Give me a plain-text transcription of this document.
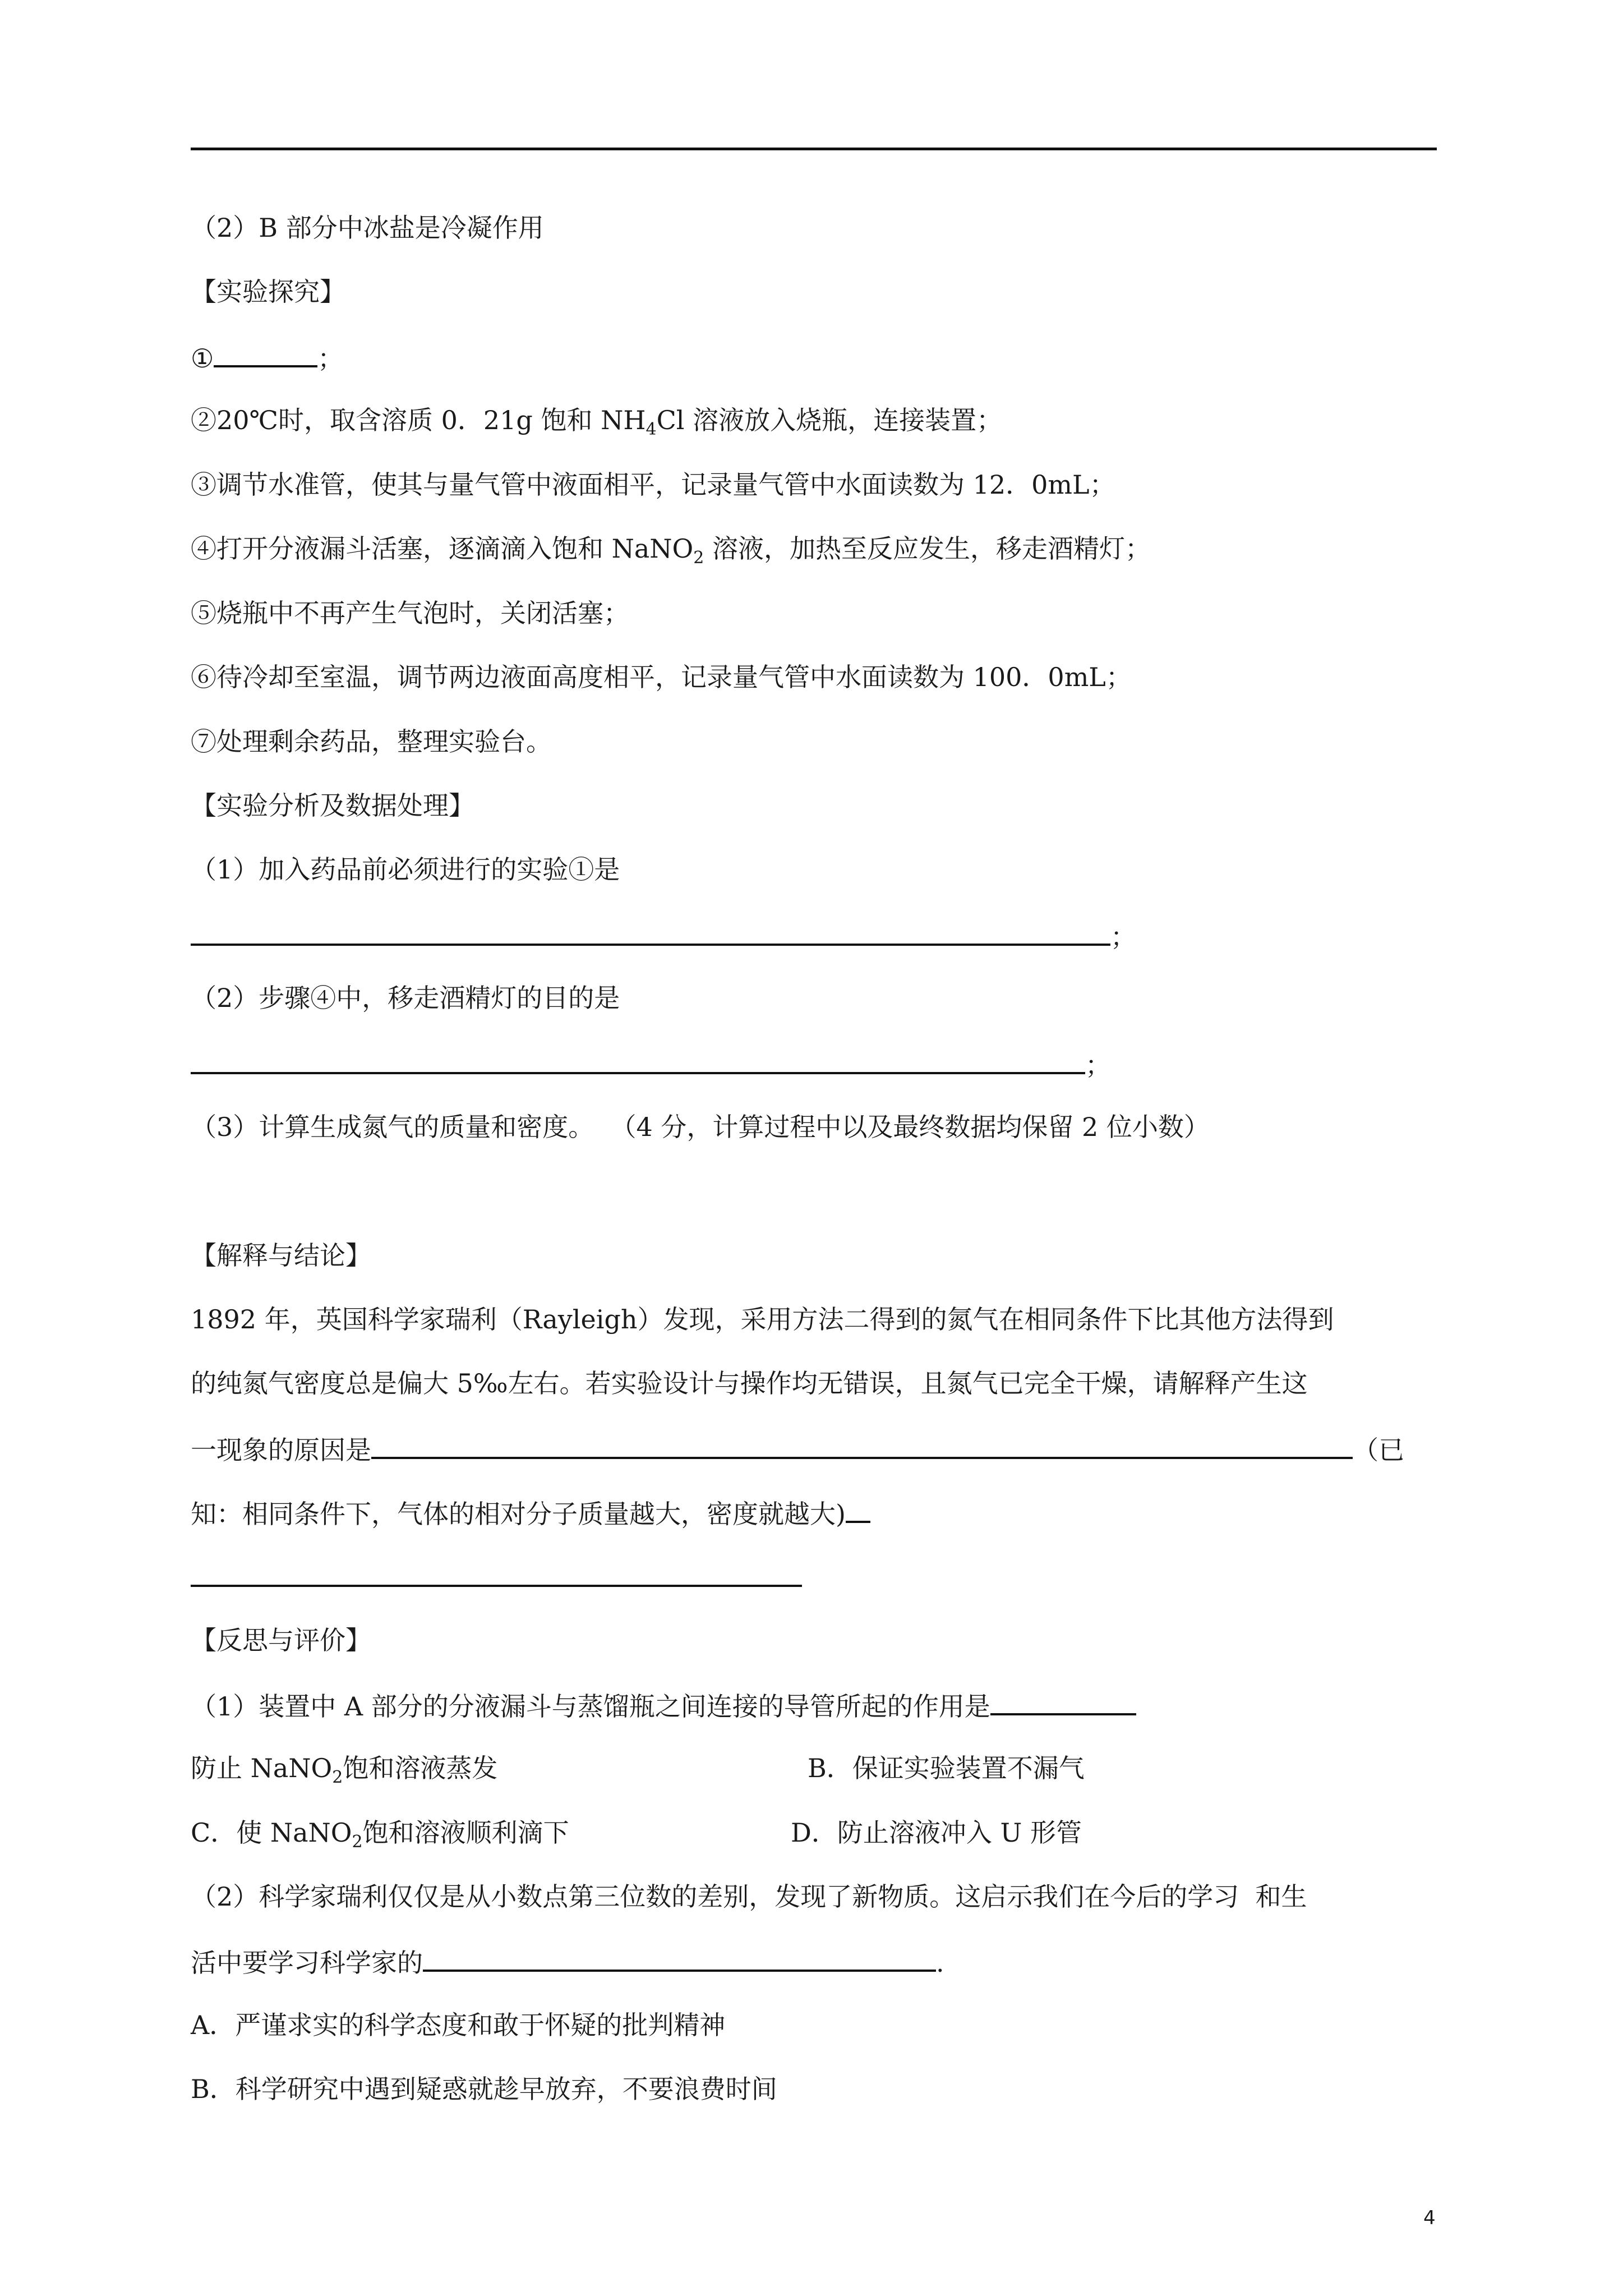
（2）B 部分中冰盐是冷凝作用
【实验探究】
①	；
②20℃时，取含溶质 0．21g 饱和 $NH_4Cl$ 溶液放入烧瓶，连接装置；
③调节水准管，使其与量气管中液面相平，记录量气管中水面读数为 12．0mL；
④打开分液漏斗活塞，逐滴滴入饱和 NaNO$_2$ 溶液，加热至反应发生，移走酒精灯；
⑤烧瓶中不再产生气泡时，关闭活塞；
⑥待冷却至室温，调节两边液面高度相平，记录量气管中水面读数为 100．0mL；
⑦处理剩余药品，整理实验台。
【实验分析及数据处理】
（1）加入药品前必须进行的实验①是
；
（2）步骤④中，移走酒精灯的目的是
；
（3）计算生成氮气的质量和密度。  （4 分，计算过程中以及最终数据均保留 2 位小数）
【解释与结论】
1892 年，英国科学家瑞利（Rayleigh）发现，采用方法二得到的氮气在相同条件下比其他方法得到
的纯氮气密度总是偏大 5‰左右。若实验设计与操作均无错误，且氮气已完全干燥，请解释产生这
一现象的原因是	（已
知：相同条件下，气体的相对分子质量越大，密度就越大)
【反思与评价】
（1）装置中 A 部分的分液漏斗与蒸馏瓶之间连接的导管所起的作用是
防止 NaNO$_2$饱和溶液蒸发	B．保证实验装置不漏气
C．使 NaNO$_2$饱和溶液顺利滴下	D．防止溶液冲入 U 形管
（2）科学家瑞利仅仅是从小数点第三位数的差别，发现了新物质。这启示我们在今后的学习  和生
活中要学习科学家的	.
A．严谨求实的科学态度和敢于怀疑的批判精神
B．科学研究中遇到疑惑就趁早放弃，不要浪费时间
4
